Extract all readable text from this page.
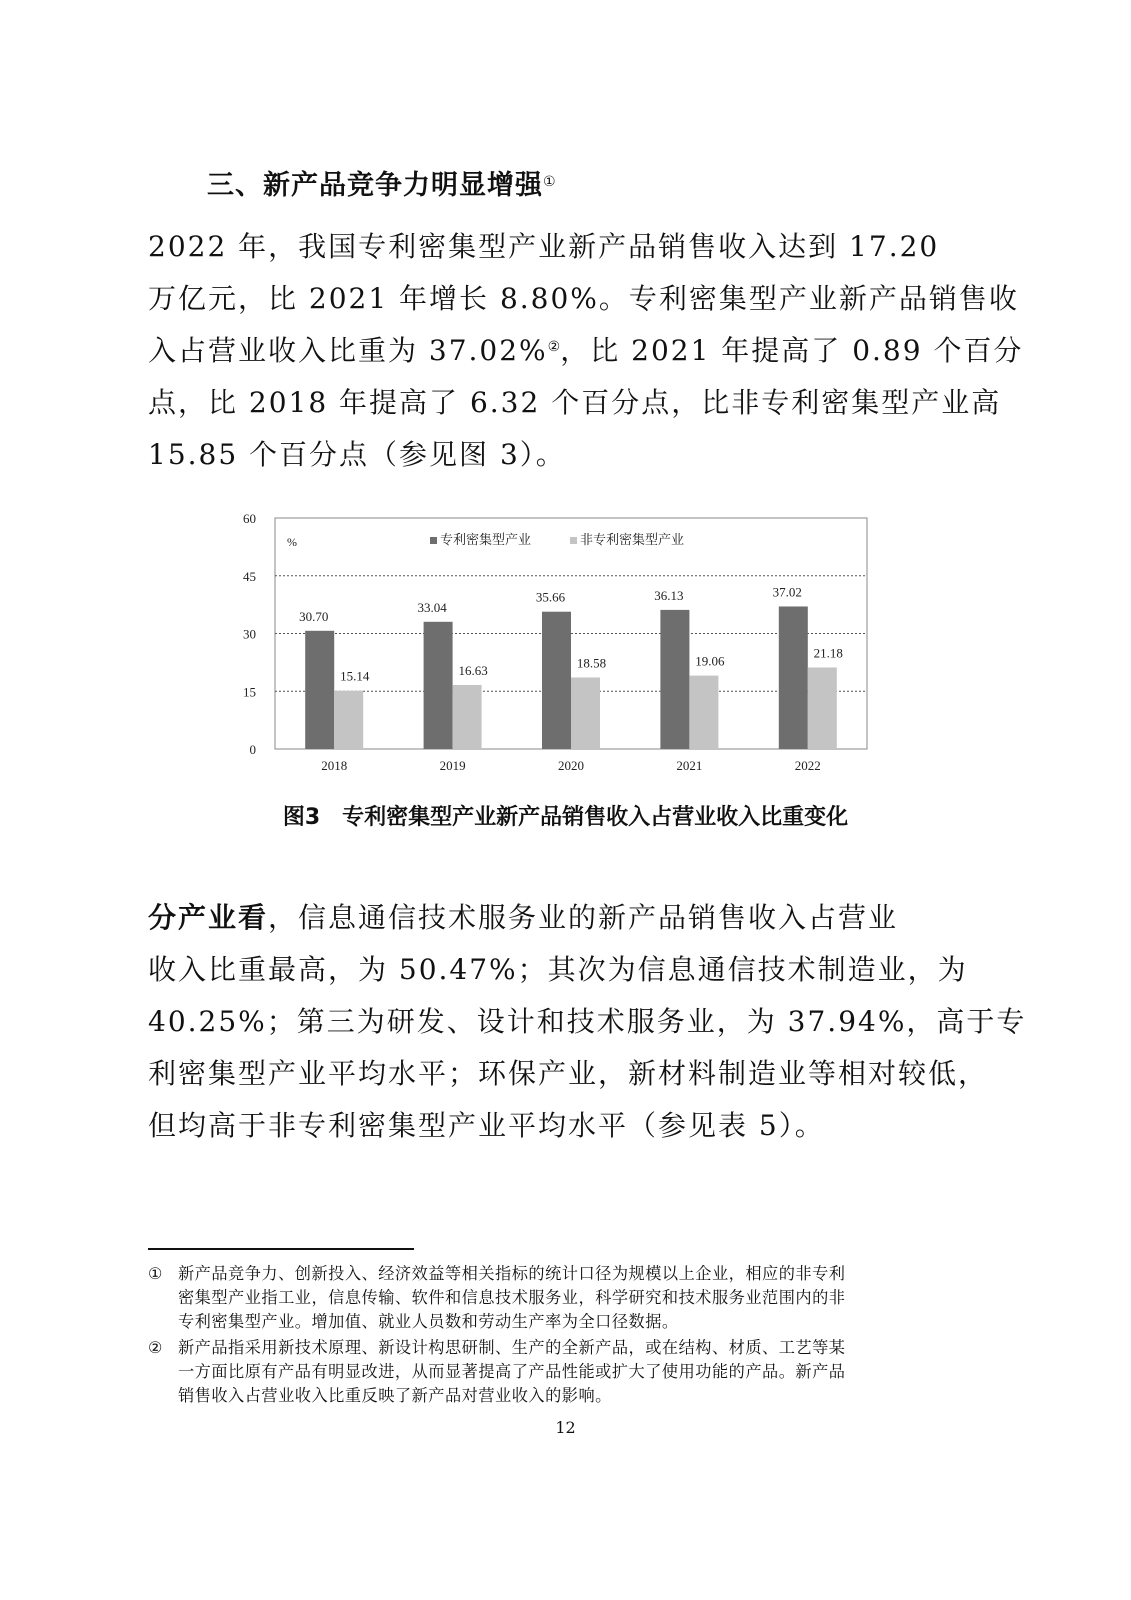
三、新产品竞争力明显增强①
2022 年，我国专利密集型产业新产品销售收入达到 17.20
万亿元，比 2021 年增长 8.80%。专利密集型产业新产品销售收
入占营业收入比重为 37.02%②，比 2021 年提高了 0.89 个百分
点，比 2018 年提高了 6.32 个百分点，比非专利密集型产业高
15.85 个百分点（参见图 3）。
0
15
30
45
60
%
30.70
15.14
2018
33.04
16.63
2019
35.66
18.58
2020
36.13
19.06
2021
37.02
21.18
2022
专利密集型产业	非专利密集型产业

图3 专利密集型产业新产品销售收入占营业收入比重变化

分产业看，信息通信技术服务业的新产品销售收入占营业
收入比重最高，为 50.47%；其次为信息通信技术制造业，为
40.25%；第三为研发、设计和技术服务业，为 37.94%，高于专
利密集型产业平均水平；环保产业，新材料制造业等相对较低，
但均高于非专利密集型产业平均水平（参见表 5）。
① 新产品竞争力、创新投入、经济效益等相关指标的统计口径为规模以上企业，相应的非专利
密集型产业指工业，信息传输、软件和信息技术服务业，科学研究和技术服务业范围内的非
专利密集型产业。增加值、就业人员数和劳动生产率为全口径数据。
② 新产品指采用新技术原理、新设计构思研制、生产的全新产品，或在结构、材质、工艺等某
一方面比原有产品有明显改进，从而显著提高了产品性能或扩大了使用功能的产品。新产品
销售收入占营业收入比重反映了新产品对营业收入的影响。

12
